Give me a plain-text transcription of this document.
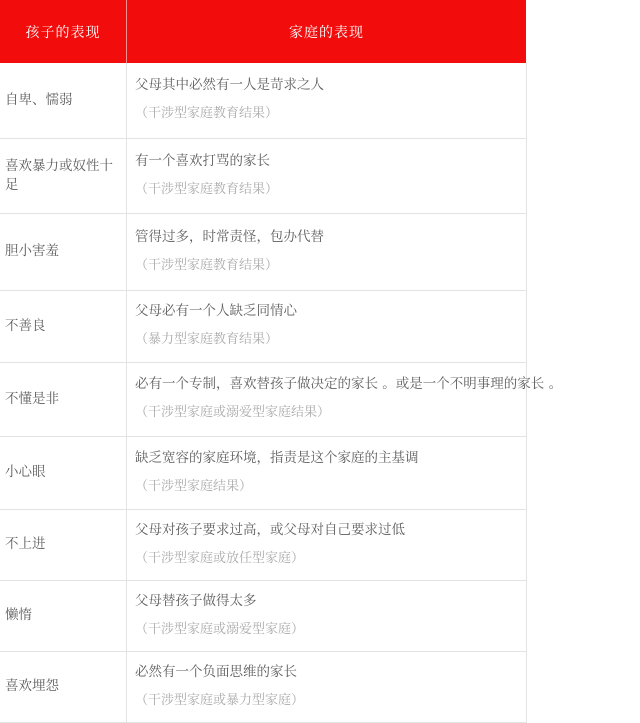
孩子的表现	家庭的表现
自卑、懦弱	父母其中必然有一人是苛求之人
（干涉型家庭教育结果）

喜欢暴力或奴性十足	有一个喜欢打骂的家长
（干涉型家庭教育结果）

胆小害羞	管得过多，时常责怪，包办代替
（干涉型家庭教育结果）

不善良	父母必有一个人缺乏同情心
（暴力型家庭教育结果）

不懂是非	必有一个专制，喜欢替孩子做决定的家长 。或是一个不明事理的家长 。
（干涉型家庭或溺爱型家庭结果）

小心眼	缺乏宽容的家庭环境，指责是这个家庭的主基调
（干涉型家庭结果）

不上进	父母对孩子要求过高，或父母对自己要求过低
（干涉型家庭或放任型家庭）

懒惰	父母替孩子做得太多
（干涉型家庭或溺爱型家庭）

喜欢埋怨	必然有一个负面思维的家长
（干涉型家庭或暴力型家庭）
